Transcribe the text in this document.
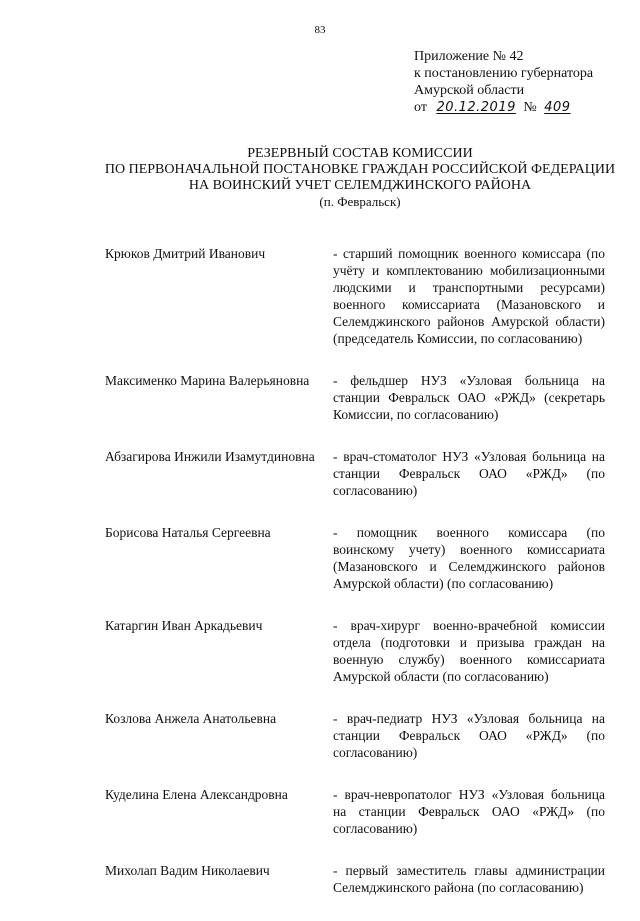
83
Приложение № 42
к постановлению губернатора
Амурской области
от 20.12.2019 № 409
РЕЗЕРВНЫЙ СОСТАВ КОМИССИИ
ПО ПЕРВОНАЧАЛЬНОЙ ПОСТАНОВКЕ ГРАЖДАН РОССИЙСКОЙ ФЕДЕРАЦИИ
НА ВОИНСКИЙ УЧЕТ СЕЛЕМДЖИНСКОГО РАЙОНА
(п. Февральск)
Крюков Дмитрий Иванович	- старший помощник военного комиссара (по учёту и комплектованию мобилизационными людскими и транспортными ресурсами) военного комиссариата (Мазановского и Селемджинского районов Амурской области) (председатель Комиссии, по согласованию)
Максименко Марина Валерьяновна	- фельдшер НУЗ «Узловая больница на станции Февральск ОАО «РЖД» (секретарь Комиссии, по согласованию)
Абзагирова Инжили Изамутдиновна	- врач-стоматолог НУЗ «Узловая больница на станции Февральск ОАО «РЖД» (по согласованию)
Борисова Наталья Сергеевна	- помощник военного комиссара (по воинскому учету) военного комиссариата (Мазановского и Селемджинского районов Амурской области) (по согласованию)
Катаргин Иван Аркадьевич	- врач-хирург военно-врачебной комиссии отдела (подготовки и призыва граждан на военную службу) военного комиссариата Амурской области (по согласованию)
Козлова Анжела Анатольевна	- врач-педиатр НУЗ «Узловая больница на станции Февральск ОАО «РЖД» (по согласованию)
Куделина Елена Александровна	- врач-невропатолог НУЗ «Узловая больница на станции Февральск ОАО «РЖД» (по согласованию)
Михолап Вадим Николаевич	- первый заместитель главы администрации Селемджинского района (по согласованию)
